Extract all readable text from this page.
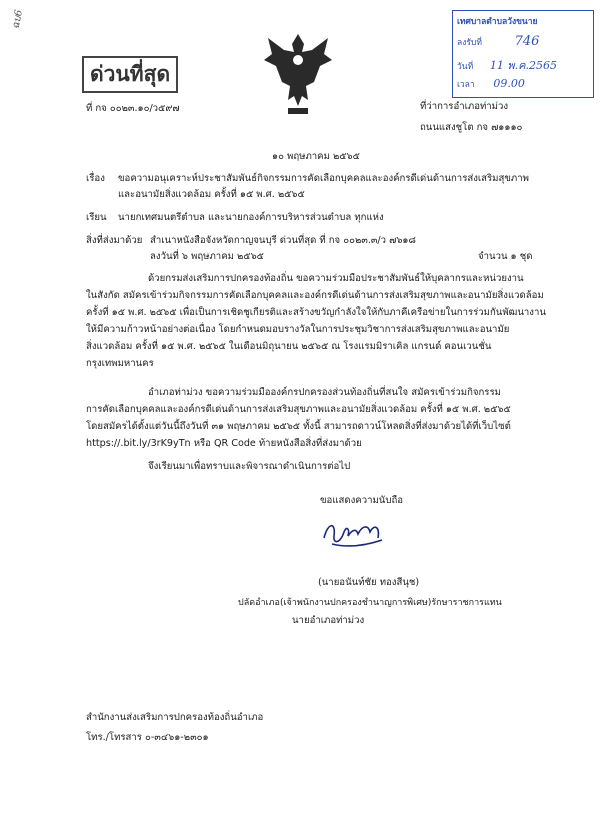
ฉบ6
ด่วนที่สุด
ที่ กจ ๐๐๒๓.๑๐/ว๕๙๗
เทศบาลตำบลวังขนาย
ลงรับที่	746
วันที่ 11 พ.ค.2565
เวลา 09.00
ที่ว่าการอำเภอท่าม่วง
ถนนแสงชูโต กจ ๗๑๑๑๐
๑๐ พฤษภาคม ๒๕๖๕
เรื่อง ขอความอนุเคราะห์ประชาสัมพันธ์กิจกรรมการคัดเลือกบุคคลและองค์กรดีเด่นด้านการส่งเสริมสุขภาพ
และอนามัยสิ่งแวดล้อม ครั้งที่ ๑๕ พ.ศ. ๒๕๖๕
เรียน นายกเทศมนตรีตำบล และนายกองค์การบริหารส่วนตำบล ทุกแห่ง
สิ่งที่ส่งมาด้วย สำเนาหนังสือจังหวัดกาญจนบุรี ด่วนที่สุด ที่ กจ ๐๐๒๓.๓/ว ๗๖๑๘
ลงวันที่ ๖ พฤษภาคม ๒๕๖๕	จำนวน ๑ ชุด
ด้วยกรมส่งเสริมการปกครองท้องถิ่น ขอความร่วมมือประชาสัมพันธ์ให้บุคลากรและหน่วยงาน
ในสังกัด สมัครเข้าร่วมกิจกรรมการคัดเลือกบุคคลและองค์กรดีเด่นด้านการส่งเสริมสุขภาพและอนามัยสิ่งแวดล้อม
ครั้งที่ ๑๕ พ.ศ. ๒๕๖๕ เพื่อเป็นการเชิดชูเกียรติและสร้างขวัญกำลังใจให้กับภาคีเครือข่ายในการร่วมกันพัฒนางาน
ให้มีความก้าวหน้าอย่างต่อเนื่อง โดยกำหนดมอบรางวัลในการประชุมวิชาการส่งเสริมสุขภาพและอนามัย
สิ่งแวดล้อม ครั้งที่ ๑๕ พ.ศ. ๒๕๖๕ ในเดือนมิถุนายน ๒๕๖๕ ณ โรงแรมมิราเคิล แกรนด์ คอนเวนชั่น
กรุงเทพมหานคร
อำเภอท่าม่วง ขอความร่วมมือองค์กรปกครองส่วนท้องถิ่นที่สนใจ สมัครเข้าร่วมกิจกรรม
การคัดเลือกบุคคลและองค์กรดีเด่นด้านการส่งเสริมสุขภาพและอนามัยสิ่งแวดล้อม ครั้งที่ ๑๕ พ.ศ. ๒๕๖๕
โดยสมัครได้ตั้งแต่วันนี้ถึงวันที่ ๓๑ พฤษภาคม ๒๕๖๕ ทั้งนี้ สามารถดาวน์โหลดสิ่งที่ส่งมาด้วยได้ที่เว็บไซต์
https://.bit.ly/3rK9yTn หรือ QR Code ท้ายหนังสือสิ่งที่ส่งมาด้วย
จึงเรียนมาเพื่อทราบและพิจารณาดำเนินการต่อไป
ขอแสดงความนับถือ
(นายอนันท์ชัย ทองสีนุช)
ปลัดอำเภอ(เจ้าพนักงานปกครองชำนาญการพิเศษ)รักษาราชการแทน
นายอำเภอท่าม่วง
สำนักงานส่งเสริมการปกครองท้องถิ่นอำเภอ
โทร./โทรสาร ๐-๓๔๖๑-๒๓๐๑
